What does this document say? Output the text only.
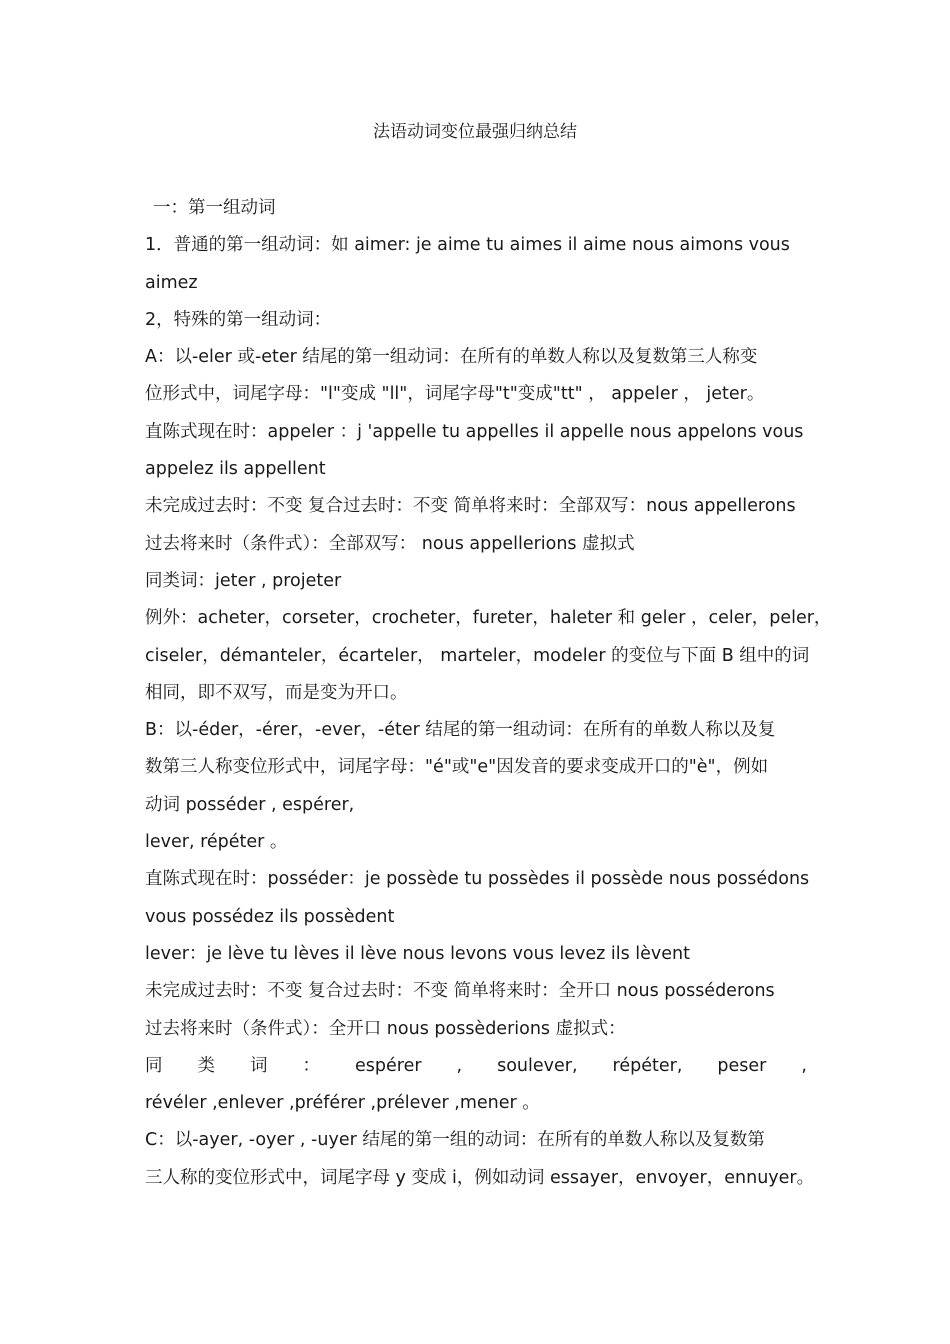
法语动词变位最强归纳总结
一：第一组动词
1．普通的第一组动词：如 aimer: je aime tu aimes il aime nous aimons vous
aimez
2，特殊的第一组动词：
A：以-eler 或-eter 结尾的第一组动词：在所有的单数人称以及复数第三人称变
位形式中，词尾字母："l"变成 "ll"，词尾字母"t"变成"tt" ， appeler ， jeter。
直陈式现在时：appeler ：j 'appelle tu appelles il appelle nous appelons vous
appelez ils appellent
未完成过去时：不变 复合过去时：不变 简单将来时：全部双写：nous appellerons
过去将来时（条件式）：全部双写： nous appellerions 虚拟式
同类词：jeter , projeter
例外：acheter，corseter，crocheter，fureter，haleter 和 geler ，celer，peler，
ciseler，démanteler，écarteler， marteler，modeler 的变位与下面 B 组中的词
相同，即不双写，而是变为开口。
B：以-éder，-érer，-ever，-éter 结尾的第一组动词：在所有的单数人称以及复
数第三人称变位形式中，词尾字母："é"或"e"因发音的要求变成开口的"è"，例如
动词 posséder , espérer,
lever, répéter 。
直陈式现在时：posséder：je possède tu possèdes il possède nous possédons
vous possédez ils possèdent
lever：je lève tu lèves il lève nous levons vous levez ils lèvent
未完成过去时：不变 复合过去时：不变 简单将来时：全开口 nous posséderons
过去将来时（条件式）：全开口 nous possèderions 虚拟式：
同 类 词 ： espérer , soulever, répéter, peser ,
révéler ,enlever ,préférer ,prélever ,mener 。
C：以-ayer, -oyer , -uyer 结尾的第一组的动词：在所有的单数人称以及复数第
三人称的变位形式中，词尾字母 y 变成 i，例如动词 essayer，envoyer，ennuyer。
